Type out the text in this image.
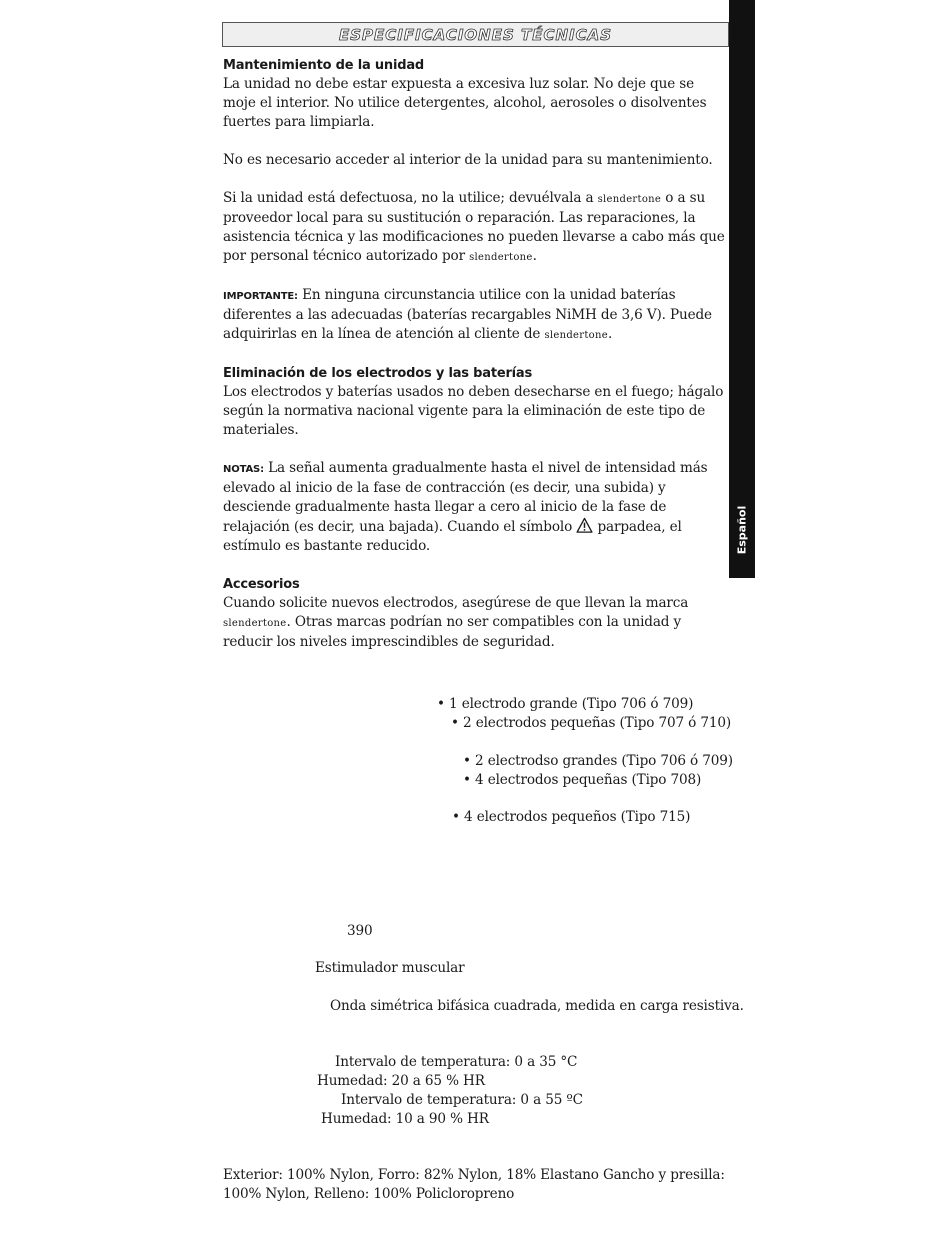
ESPECIFICACIONES TÉCNICAS
Español
Mantenimiento de la unidad

La unidad no debe estar expuesta a excesiva luz solar. No deje que se moje el interior. No utilice detergentes, alcohol, aerosoles o disolventes fuertes para limpiarla.

No es necesario acceder al interior de la unidad para su mantenimiento.

Si la unidad está defectuosa, no la utilice; devuélvala a slendertone o a su proveedor local para su sustitución o reparación. Las reparaciones, la asistencia técnica y las modificaciones no pueden llevarse a cabo más que por personal técnico autorizado por slendertone.

IMPORTANTE: En ninguna circunstancia utilice con la unidad baterías diferentes a las adecuadas (baterías recargables NiMH de 3,6 V). Puede adquirirlas en la línea de atención al cliente de slendertone.

Eliminación de los electrodos y las baterías

Los electrodos y baterías usados no deben desecharse en el fuego; hágalo según la normativa nacional vigente para la eliminación de este tipo de materiales.

NOTAS: La señal aumenta gradualmente hasta el nivel de intensidad más elevado al inicio de la fase de contracción (es decir, una subida) y desciende gradualmente hasta llegar a cero al inicio de la fase de relajación (es decir, una bajada). Cuando el símbolo  parpadea, el estímulo es bastante reducido.

Accesorios

Cuando solicite nuevos electrodos, asegúrese de que llevan la marca slendertone. Otras marcas podrían no ser compatibles con la unidad y reducir los niveles imprescindibles de seguridad.

• 1 electrodo grande (Tipo 706 ó 709)
• 2 electrodos pequeñas (Tipo 707 ó 710)
• 2 electrodso grandes (Tipo 706 ó 709)
• 4 electrodos pequeñas (Tipo 708)
• 4 electrodos pequeños (Tipo 715)
390
Estimulador muscular
Onda simétrica bifásica cuadrada, medida en carga resistiva.
Intervalo de temperatura: 0 a 35 °C
Humedad: 20 a 65 % HR
Intervalo de temperatura: 0 a 55 ºC
Humedad: 10 a 90 % HR
Exterior: 100% Nylon, Forro: 82% Nylon, 18% Elastano Gancho y presilla: 100% Nylon, Relleno: 100% Policloropreno
